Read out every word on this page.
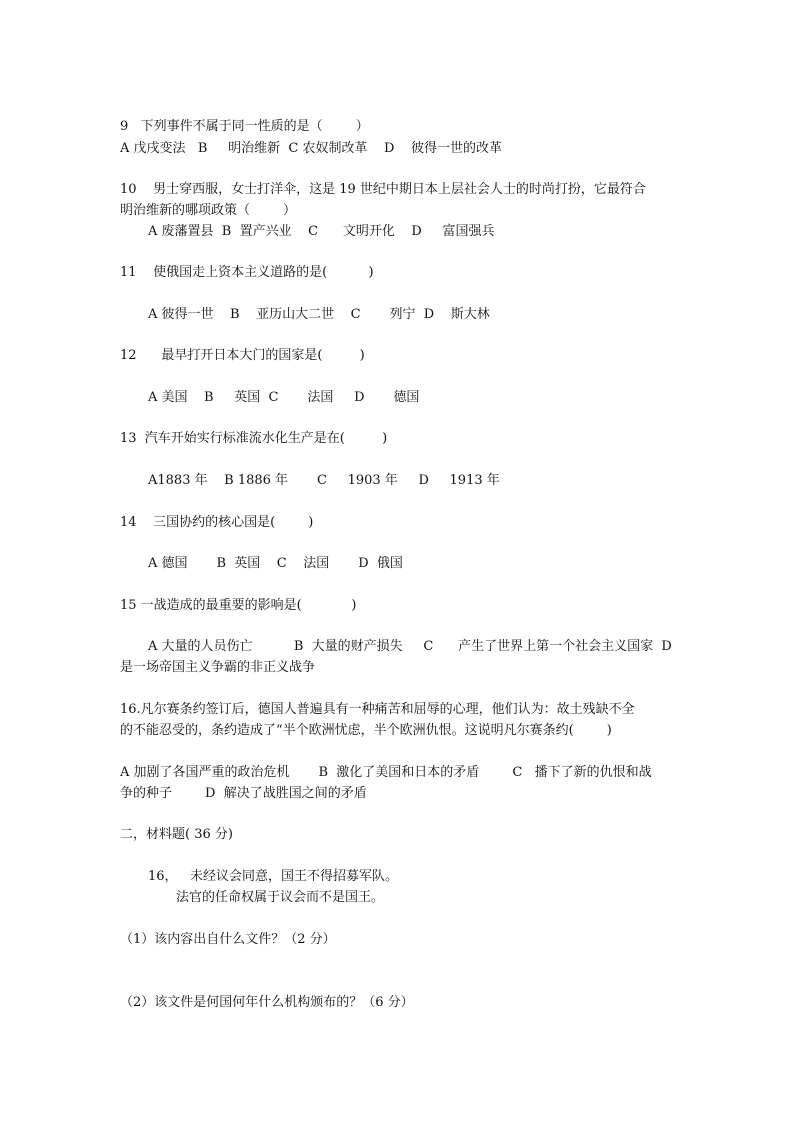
9   下列事件不属于同一性质的是（        ）
A 戊戌变法   B     明治维新  C 农奴制改革    D    彼得一世的改革
10    男士穿西服，女士打洋伞，这是 19 世纪中期日本上层社会人士的时尚打扮，它最符合
明治维新的哪项政策（        ）
A 废藩置县  B  置产兴业    C      文明开化    D     富国强兵
11    使俄国走上资本主义道路的是(          )
A 彼得一世    B    亚历山大二世    C       列宁  D    斯大林
12      最早打开日本大门的国家是(         )
A 美国    B     英国  C       法国     D       德国
13  汽车开始实行标准流水化生产是在(         )
A1883 年    B 1886 年       C     1903 年     D     1913 年
14    三国协约的核心国是(        )
A 德国       B  英国    C    法国       D  俄国
15 一战造成的最重要的影响是(            )
A 大量的人员伤亡          B  大量的财产损失     C      产生了世界上第一个社会主义国家  D
是一场帝国主义争霸的非正义战争
16.凡尔赛条约签订后，德国人普遍具有一种痛苦和屈辱的心理，他们认为：故土残缺不全
的不能忍受的，条约造成了“半个欧洲忧虑，半个欧洲仇恨。这说明凡尔赛条约(        )
A 加剧了各国严重的政治危机       B  激化了美国和日本的矛盾        C   播下了新的仇恨和战
争的种子        D  解决了战胜国之间的矛盾
二，材料题( 36 分)
16，   未经议会同意，国王不得招募军队。
法官的任命权属于议会而不是国王。
（1）该内容出自什么文件？（2 分）
（2）该文件是何国何年什么机构颁布的？（6 分）
